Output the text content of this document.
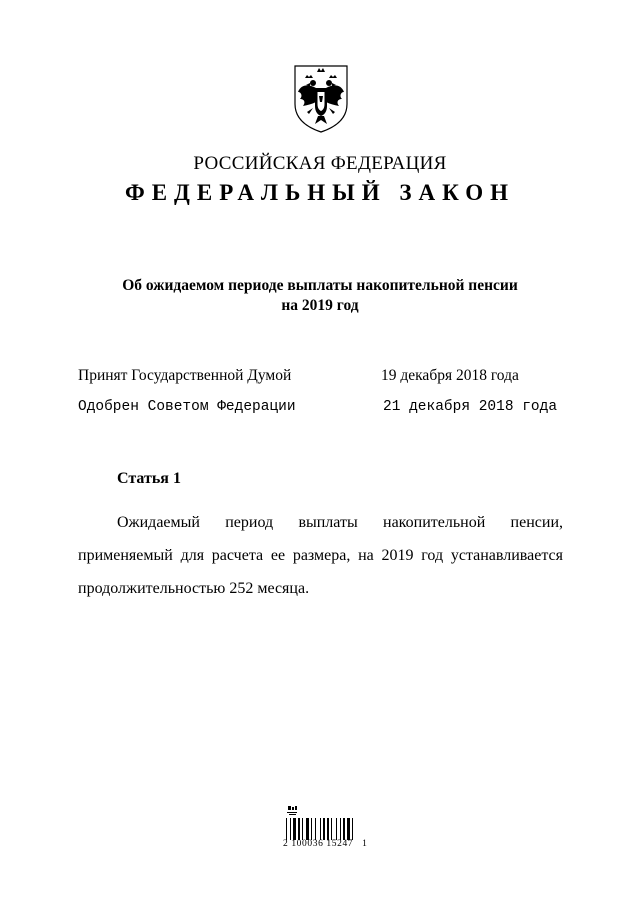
РОССИЙСКАЯ ФЕДЕРАЦИЯ
ФЕДЕРАЛЬНЫЙ ЗАКОН
Об ожидаемом периоде выплаты накопительной пенсии
на 2019 год
Принят Государственной Думой	19 декабря 2018 года
Одобрен Советом Федерации	21 декабря 2018 года
Статья 1
Ожидаемый период выплаты накопительной пенсии, применяемый для расчета ее размера, на 2019 год устанавливается продолжительностью 252 месяца.
2 100036 15247   1
